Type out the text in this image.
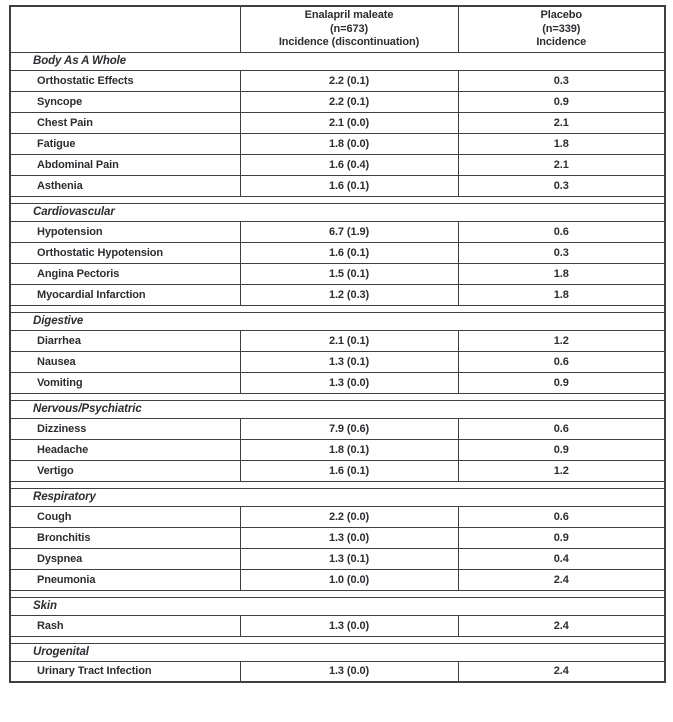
Enalapril maleate
(n=673)
Incidence (discontinuation)

Placebo
(n=339)
Incidence

Body As A Whole		
Orthostatic Effects	2.2 (0.1)	0.3
Syncope	2.2 (0.1)	0.9
Chest Pain	2.1 (0.0)	2.1
Fatigue	1.8 (0.0)	1.8
Abdominal Pain	1.6 (0.4)	2.1
Asthenia	1.6 (0.1)	0.3

Cardiovascular		
Hypotension	6.7 (1.9)	0.6
Orthostatic Hypotension	1.6 (0.1)	0.3
Angina Pectoris	1.5 (0.1)	1.8
Myocardial Infarction	1.2 (0.3)	1.8

Digestive		
Diarrhea	2.1 (0.1)	1.2
Nausea	1.3 (0.1)	0.6
Vomiting	1.3 (0.0)	0.9

Nervous/Psychiatric		
Dizziness	7.9 (0.6)	0.6
Headache	1.8 (0.1)	0.9
Vertigo	1.6 (0.1)	1.2

Respiratory		
Cough	2.2 (0.0)	0.6
Bronchitis	1.3 (0.0)	0.9
Dyspnea	1.3 (0.1)	0.4
Pneumonia	1.0 (0.0)	2.4

Skin		
Rash	1.3 (0.0)	2.4

Urogenital		
Urinary Tract Infection	1.3 (0.0)	2.4
